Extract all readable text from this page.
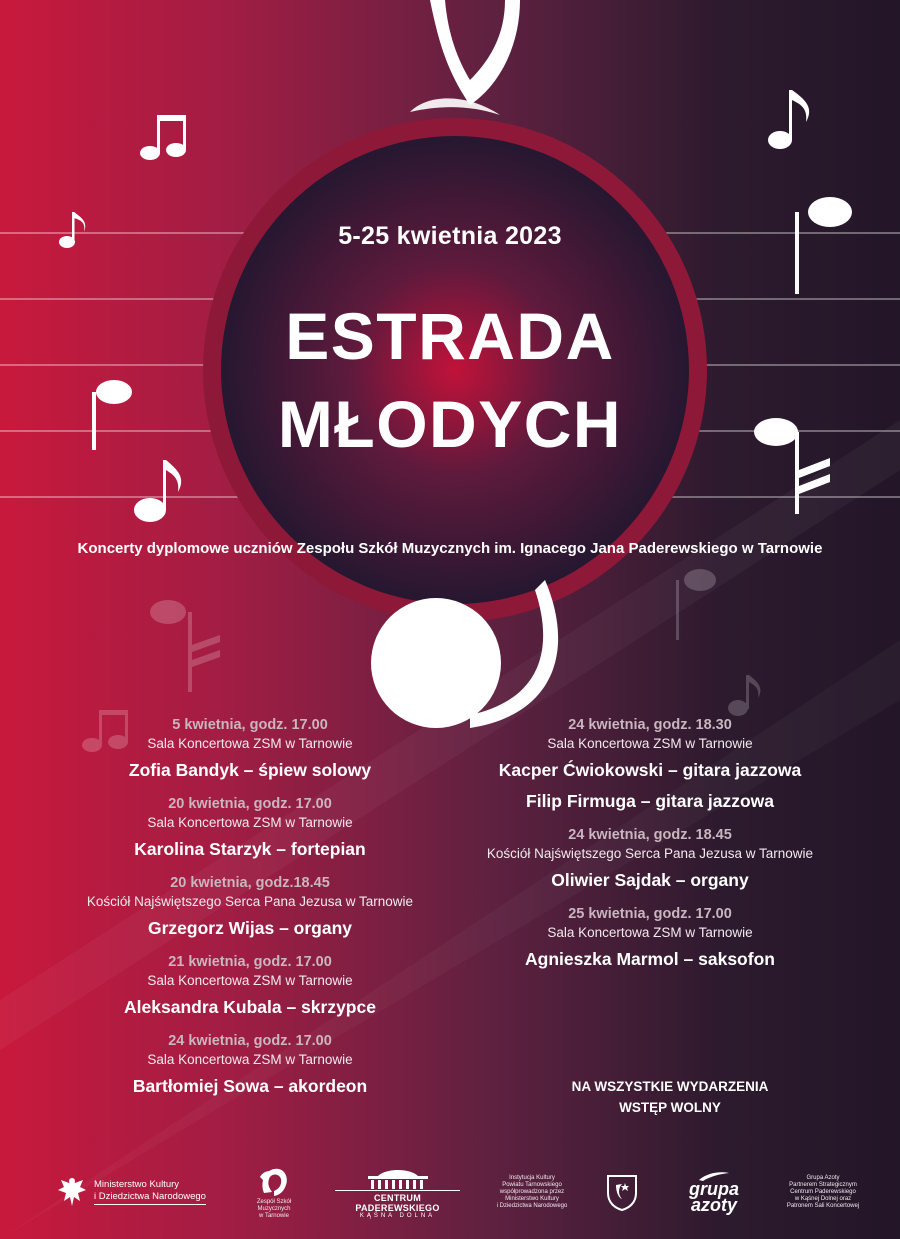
5-25 kwietnia 2023
ESTRADA
MŁODYCH
Koncerty dyplomowe uczniów Zespołu Szkół Muzycznych im. Ignacego Jana Paderewskiego w Tarnowie
5 kwietnia, godz. 17.00
Sala Koncertowa ZSM w Tarnowie
Zofia Bandyk – śpiew solowy
20 kwietnia, godz. 17.00
Sala Koncertowa ZSM w Tarnowie
Karolina Starzyk – fortepian
20 kwietnia, godz.18.45
Kościół Najświętszego Serca Pana Jezusa w Tarnowie
Grzegorz Wijas – organy
21 kwietnia, godz. 17.00
Sala Koncertowa ZSM w Tarnowie
Aleksandra Kubala – skrzypce
24 kwietnia, godz. 17.00
Sala Koncertowa ZSM w Tarnowie
Bartłomiej Sowa – akordeon
24 kwietnia, godz. 18.30
Sala Koncertowa ZSM w Tarnowie
Kacper Ćwiokowski – gitara jazzowa
Filip Firmuga – gitara jazzowa
24 kwietnia, godz. 18.45
Kościół Najświętszego Serca Pana Jezusa w Tarnowie
Oliwier Sajdak – organy
25 kwietnia, godz. 17.00
Sala Koncertowa ZSM w Tarnowie
Agnieszka Marmol – saksofon
NA WSZYSTKIE WYDARZENIA
WSTĘP WOLNY
Ministerstwo Kultury
i Dziedzictwa Narodowego	Zespół Szkół Muzycznych
w Tarnowie
CENTRUM PADEREWSKIEGO
KĄŚNA DOLNA
Instytucja Kultury
Powiatu Tarnowskiego
współprowadzona przez
Ministerstwo Kultury
i Dziedzictwa Narodowego
grupa
azoty
Grupa Azoty
Partnerem Strategicznym
Centrum Paderewskiego
w Kąśnej Dolnej oraz
Patronem Sali Koncertowej
